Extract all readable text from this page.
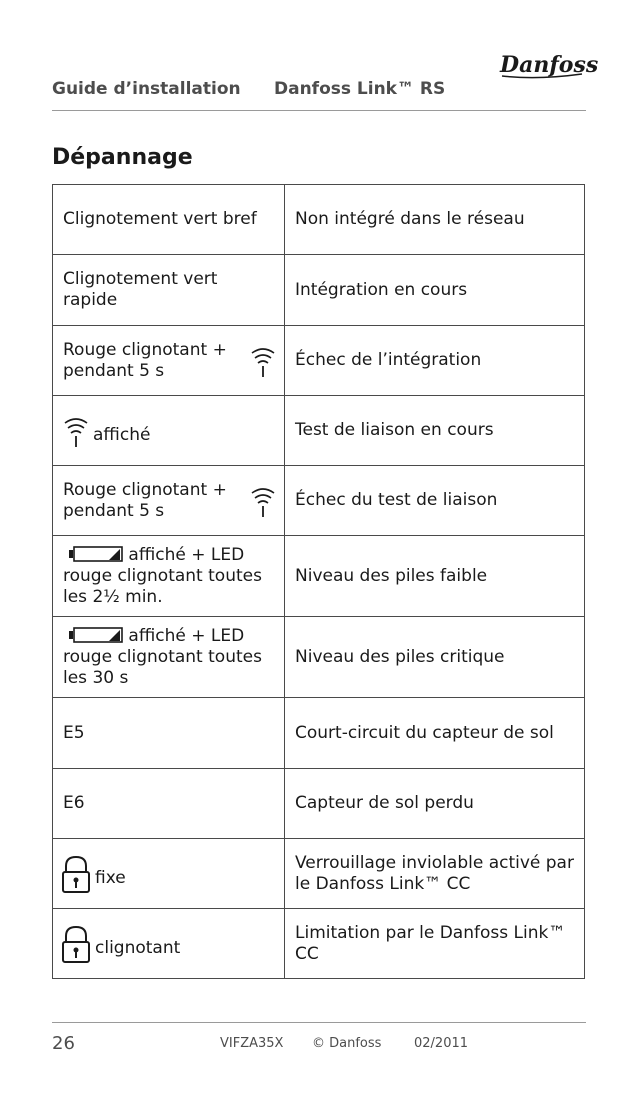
Guide d’installation Danfoss Link™ RS
Danfoss
Dépannage
Clignotement vert bref	Non intégré dans le réseau
Clignotement vert rapide	Intégration en cours

Rouge clignotant + pendant 5 s	Échec de l’intégration

affiché	Test de liaison en cours

Rouge clignotant + pendant 5 s	Échec du test de liaison

affiché + LED rouge clignotant toutes les 2½ min.	Niveau des piles faible

affiché + LED rouge clignotant toutes les 30 s	Niveau des piles critique
E5	Court-circuit du capteur de sol
E6	Capteur de sol perdu

fixe	Verrouillage inviolable activé par le Danfoss Link™ CC

clignotant	Limitation par le Danfoss Link™ CC
26	VIFZA35X © Danfoss	02/2011
